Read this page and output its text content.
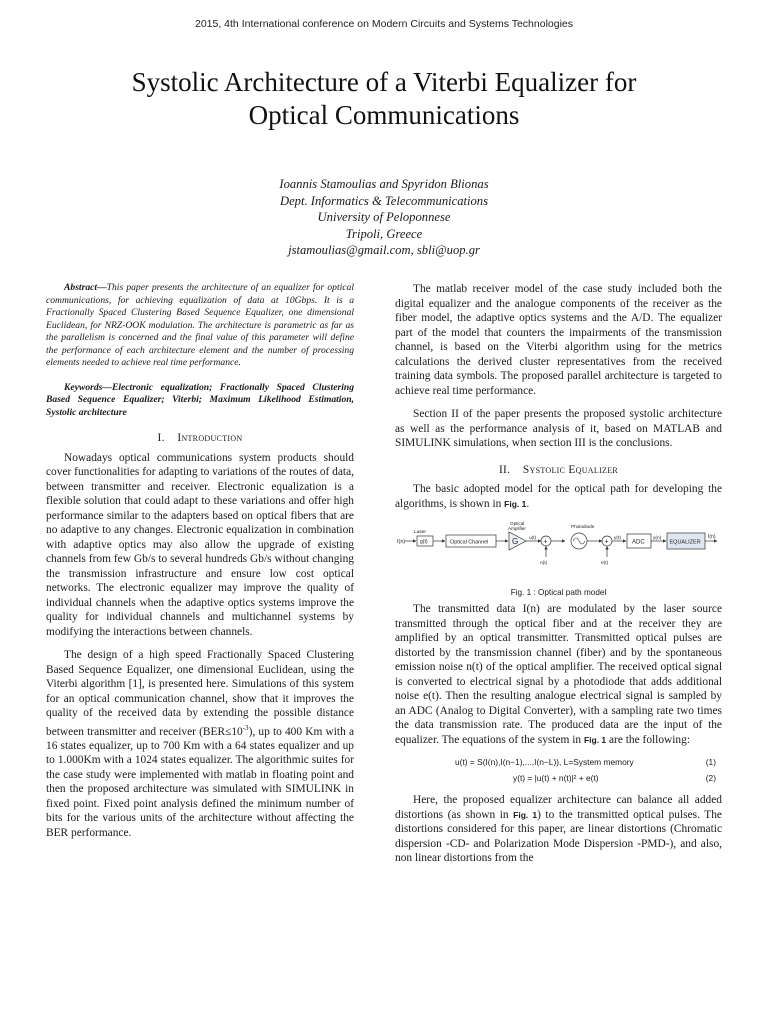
2015, 4th International conference on Modern Circuits and Systems Technologies
Systolic Architecture of a Viterbi Equalizer for
Optical Communications
Ioannis Stamoulias and Spyridon Blionas
Dept. Informatics & Telecommunications
University of Peloponnese
Tripoli, Greece
jstamoulias@gmail.com, sbli@uop.gr

Abstract—This paper presents the architecture of an equalizer for optical communications, for achieving equalization of data at 10Gbps. It is a Fractionally Spaced Clustering Based Sequence Equalizer, one dimensional Euclidean, for NRZ-OOK modulation. The architecture is parametric as far as the parallelism is concerned and the final value of this parameter will define the performance of each architecture element and the number of processing elements needed to achieve real time performance.

Keywords—Electronic equalization; Fractionally Spaced Clustering Based Sequence Equalizer; Viterbi; Maximum Likelihood Estimation, Systolic architecture

I. Introduction

Nowadays optical communications system products should cover functionalities for adapting to variations of the routes of data, between transmitter and receiver. Electronic equalization is a flexible solution that could adapt to these variations and offer high performance similar to the adapters based on optical fibers that are no adaptive to any changes. Electronic equalization in combination with adaptive optics may also allow the upgrade of existing channels from few Gb/s to several hundreds Gb/s without changing the transmission infrastructure and ensure low cost optical networks. The electronic equalizer may improve the quality of individual channels when the adaptive optics systems improve the quality for individual channels and multichannel systems by modifying the interactions between channels.

The design of a high speed Fractionally Spaced Clustering Based Sequence Equalizer, one dimensional Euclidean, using the Viterbi algorithm [1], is presented here. Simulations of this system for an optical communication channel, show that it improves the quality of the received data by extending the possible distance between transmitter and receiver $(BER\le 10^{-3})$, up to 400 Km with a 16 states equalizer, up to 700 Km with a 64 states equalizer and up to 1.000Km with a 1024 states equalizer. The algorithmic suites for the case study were implemented with matlab in floating point and then the proposed architecture was simulated with SIMULINK in fixed point. Fixed point analysis defined the minimum number of bits for the various units of the architecture without affecting the BER performance.

The matlab receiver model of the case study included both the digital equalizer and the analogue components of the receiver as the fiber model, the adaptive optics systems and the A/D. The equalizer part of the model that counters the impairments of the transmission channel, is based on the Viterbi algorithm using for the metrics calculations the derived cluster representatives from the received training data symbols. The proposed parallel architecture is targeted to achieve real time performance.

Section II of the paper presents the proposed systolic architecture as well as the performance analysis of it, based on MATLAB and SIMULINK simulations, when section III is the conclusions.

II. Systolic Equalizer

The basic adopted model for the optical path for developing the algorithms, is shown in Fig. 1.

I(n)
Laser
g(t)	Optical Channel
Optical
Amplifier
G u(t) +
n(t)
Photodiode
+
e(t)
y(t)
ADC
y(n)
EQUALIZER
I(n)
Fig. 1 : Optical path model

The transmitted data I(n) are modulated by the laser source transmitted through the optical fiber and at the receiver they are amplified by an optical transmitter. Transmitted optical pulses are distorted by the transmission channel (fiber) and by the spontaneous emission noise n(t) of the optical amplifier. The received optical signal is converted to electrical signal by a photodiode that adds additional noise e(t). Then the resulting analogue electrical signal is sampled by an ADC (Analog to Digital Converter), with a sampling rate two times the data transmission rate. The produced data are the input of the equalizer. The equations of the system in Fig. 1 are the following:

u(t) = S(I(n),I(n−1),...,I(n−L)), L=System memory	(1)
y(t) = |u(t) + n(t)|² + e(t)	(2)

Here, the proposed equalizer architecture can balance all added distortions (as shown in Fig. 1) to the transmitted optical pulses. The distortions considered for this paper, are linear distortions (Chromatic dispersion -CD- and Polarization Mode Dispersion -PMD-), and also, non linear distortions from the
